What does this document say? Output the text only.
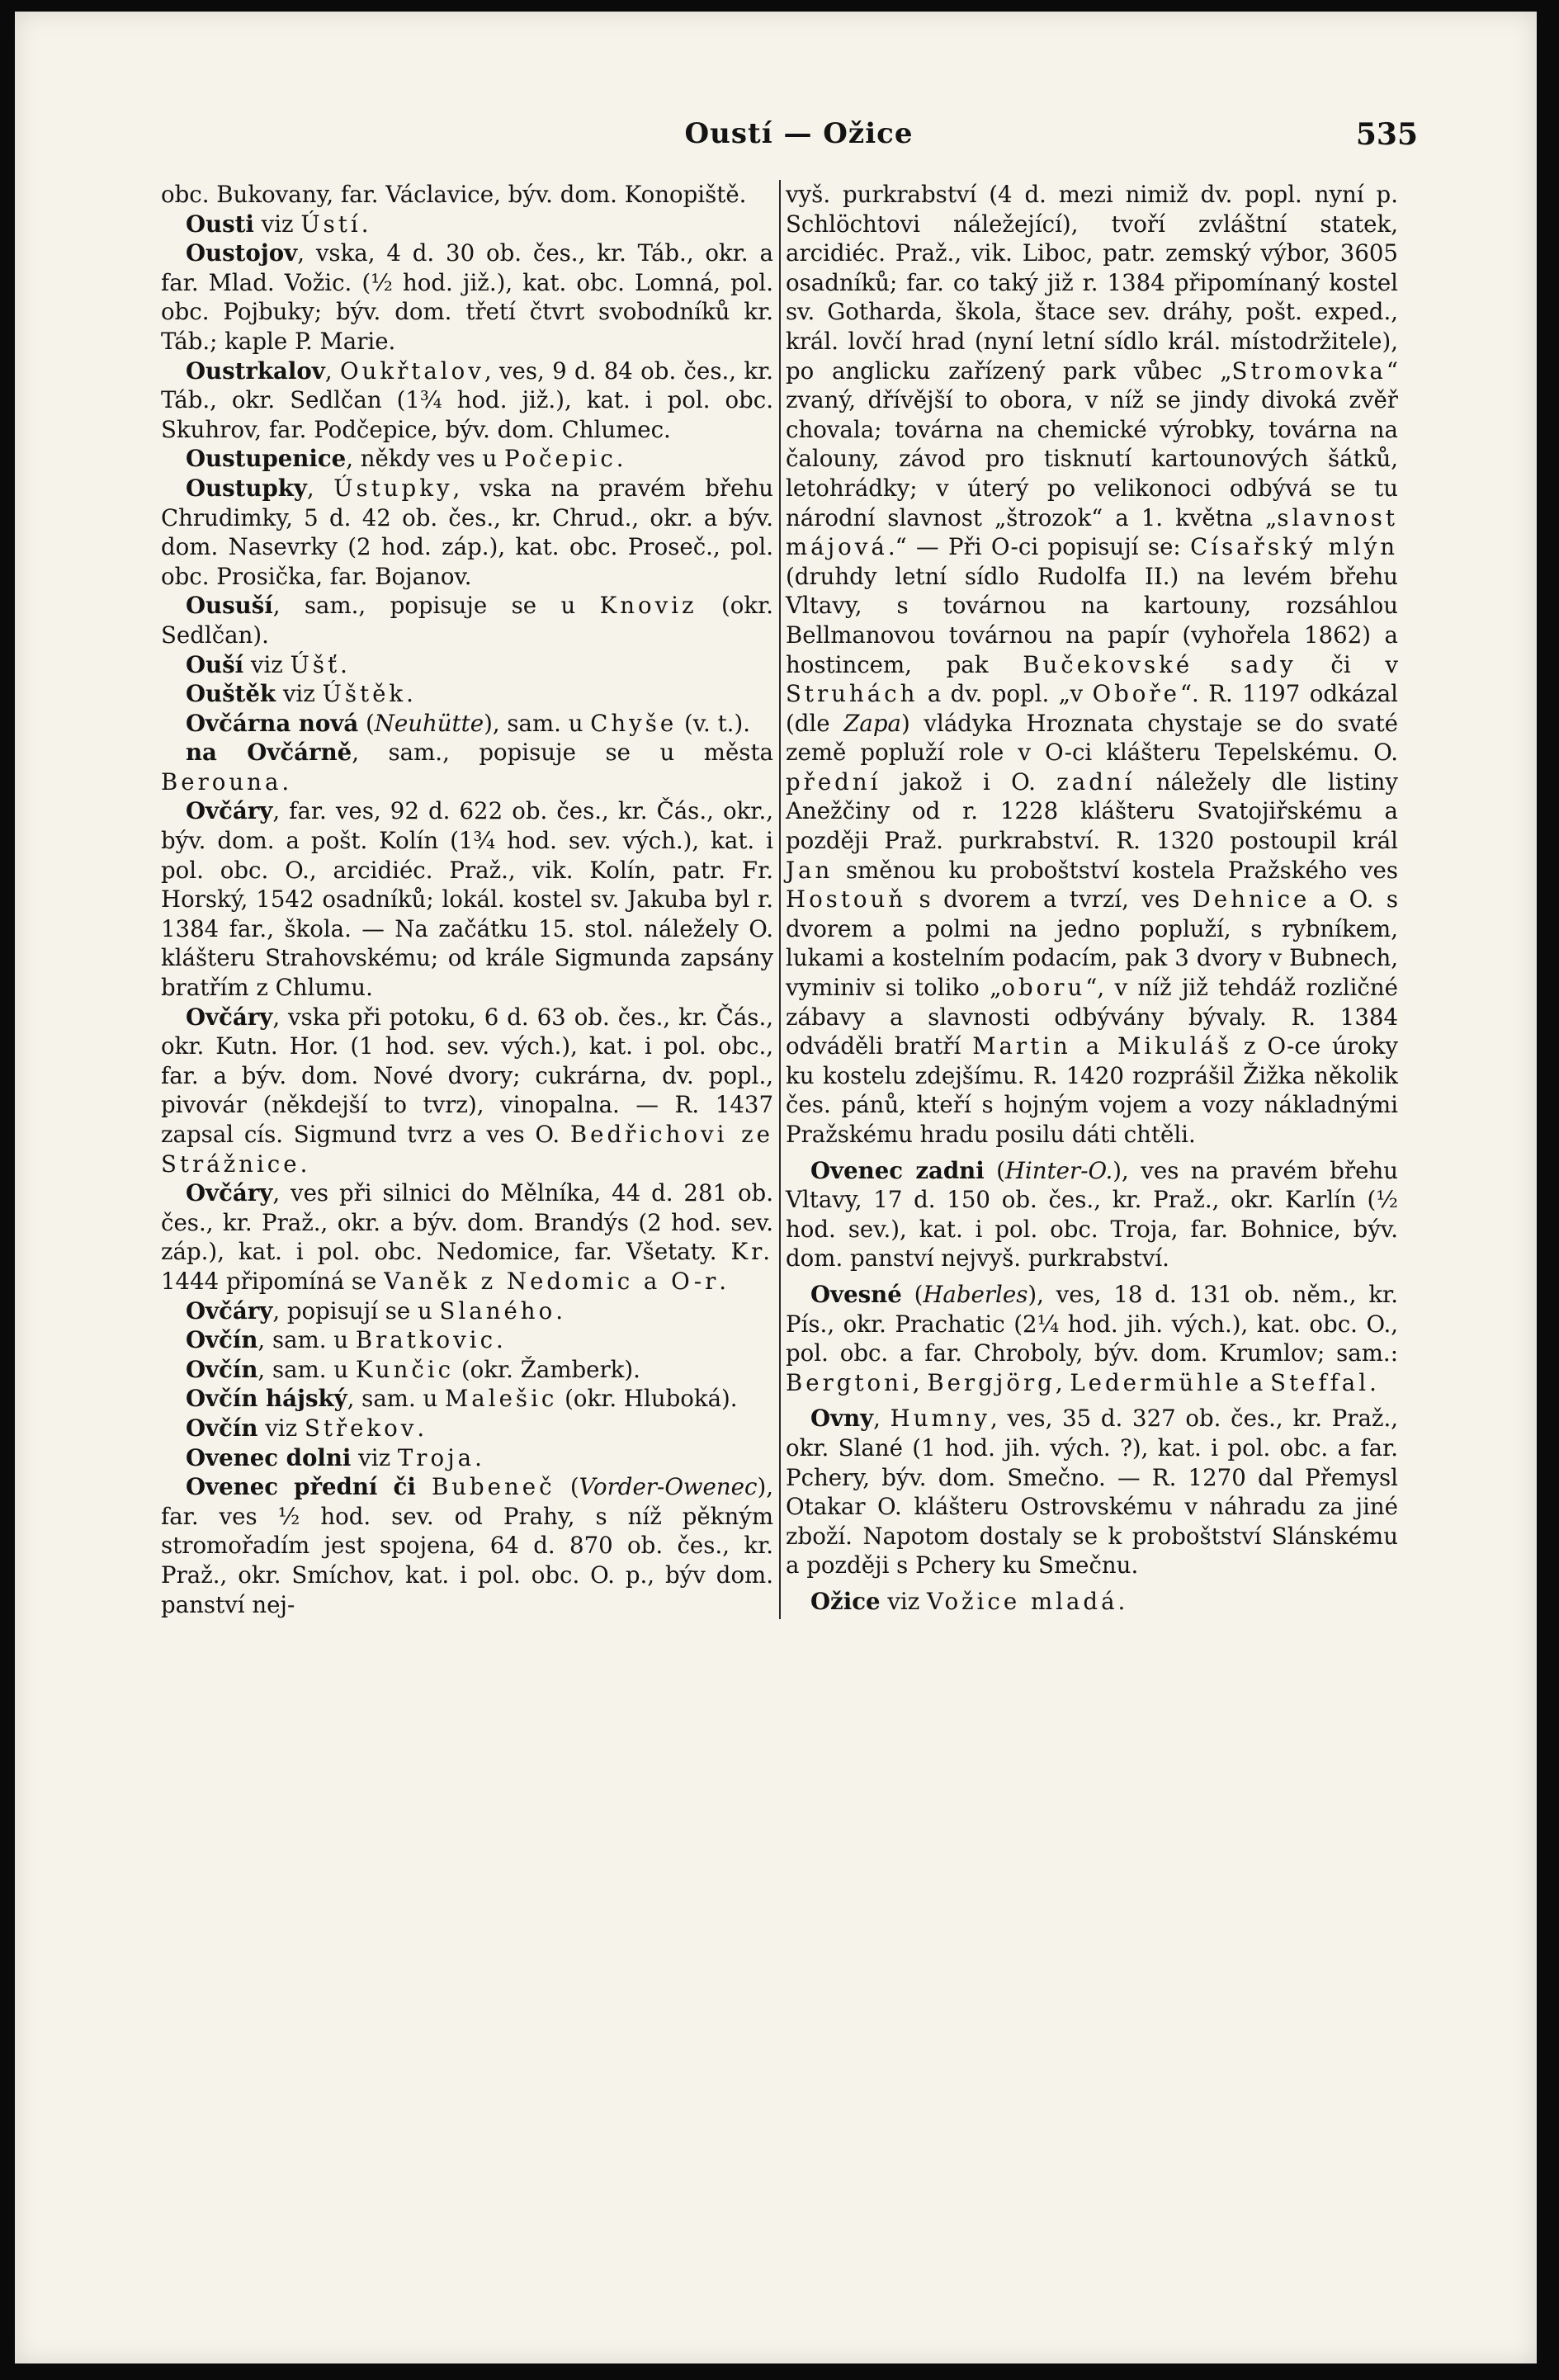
Oustí — Ožice	535
obc. Bukovany, far. Václavice, býv. dom. Konopiště.
Ousti viz Ústí.
Oustojov, vska, 4 d. 30 ob. čes., kr. Táb., okr. a far. Mlad. Vožic. (½ hod. již.), kat. obc. Lomná, pol. obc. Pojbuky; býv. dom. třetí čtvrt svobodníků kr. Táb.; kaple P. Marie.
Oustrkalov, Oukřtalov, ves, 9 d. 84 ob. čes., kr. Táb., okr. Sedlčan (1¾ hod. již.), kat. i pol. obc. Skuhrov, far. Podčepice, býv. dom. Chlumec.
Oustupenice, někdy ves u Počepic.
Oustupky, Ústupky, vska na pravém břehu Chrudimky, 5 d. 42 ob. čes., kr. Chrud., okr. a býv. dom. Nasevrky (2 hod. záp.), kat. obc. Proseč., pol. obc. Prosička, far. Bojanov.
Ousuší, sam., popisuje se u Knoviz (okr. Sedlčan).
Ouší viz Úšť.
Ouštěk viz Úštěk.
Ovčárna nová (Neuhütte), sam. u Chyše (v. t.).
na Ovčárně, sam., popisuje se u města Berouna.
Ovčáry, far. ves, 92 d. 622 ob. čes., kr. Čás., okr., býv. dom. a pošt. Kolín (1¾ hod. sev. vých.), kat. i pol. obc. O., arcidiéc. Praž., vik. Kolín, patr. Fr. Horský, 1542 osadníků; lokál. kostel sv. Jakuba byl r. 1384 far., škola. — Na začátku 15. stol. náležely O. klášteru Strahovskému; od krále Sigmunda zapsány bratřím z Chlumu.
Ovčáry, vska při potoku, 6 d. 63 ob. čes., kr. Čás., okr. Kutn. Hor. (1 hod. sev. vých.), kat. i pol. obc., far. a býv. dom. Nové dvory; cukrárna, dv. popl., pivovár (někdejší to tvrz), vinopalna. — R. 1437 zapsal cís. Sigmund tvrz a ves O. Bedřichovi ze Strážnice.
Ovčáry, ves při silnici do Mělníka, 44 d. 281 ob. čes., kr. Praž., okr. a býv. dom. Brandýs (2 hod. sev. záp.), kat. i pol. obc. Nedomice, far. Všetaty. Kr. 1444 připomíná se Vaněk z Nedomic a O-r.
Ovčáry, popisují se u Slaného.
Ovčín, sam. u Bratkovic.
Ovčín, sam. u Kunčic (okr. Žamberk).
Ovčín hájský, sam. u Malešic (okr. Hluboká).
Ovčín viz Střekov.
Ovenec dolni viz Troja.
Ovenec přední či Bubeneč (Vorder-Owenec), far. ves ½ hod. sev. od Prahy, s níž pěkným stromořadím jest spojena, 64 d. 870 ob. čes., kr. Praž., okr. Smíchov, kat. i pol. obc. O. p., býv dom. panství nej-
vyš. purkrabství (4 d. mezi nimiž dv. popl. nyní p. Schlöchtovi náležející), tvoří zvláštní statek, arcidiéc. Praž., vik. Liboc, patr. zemský výbor, 3605 osadníků; far. co taký již r. 1384 připomínaný kostel sv. Gotharda, škola, štace sev. dráhy, pošt. exped., král. lovčí hrad (nyní letní sídlo král. místodržitele), po anglicku zařízený park vůbec „Stromovka“ zvaný, dřívější to obora, v níž se jindy divoká zvěř chovala; továrna na chemické výrobky, továrna na čalouny, závod pro tisknutí kartounových šátků, letohrádky; v úterý po velikonoci odbývá se tu národní slavnost „štrozok“ a 1. května „slavnost májová.“ — Při O-ci popisují se: Císařský mlýn (druhdy letní sídlo Rudolfa II.) na levém břehu Vltavy, s továrnou na kartouny, rozsáhlou Bellmanovou továrnou na papír (vyhořela 1862) a hostincem, pak Bučekovské sady či v Struhách a dv. popl. „v Oboře“. R. 1197 odkázal (dle Zapa) vládyka Hroznata chystaje se do svaté země popluží role v O-ci klášteru Tepelskému. O. přední jakož i O. zadní náležely dle listiny Anežčiny od r. 1228 klášteru Svatojiřskému a později Praž. purkrabství. R. 1320 postoupil král Jan směnou ku proboštství kostela Pražského ves Hostouň s dvorem a tvrzí, ves Dehnice a O. s dvorem a polmi na jedno popluží, s rybníkem, lukami a kostelním podacím, pak 3 dvory v Bubnech, vyminiv si toliko „oboru“, v níž již tehdáž rozličné zábavy a slavnosti odbývány bývaly. R. 1384 odváděli bratří Martin a Mikuláš z O-ce úroky ku kostelu zdejšímu. R. 1420 rozprášil Žižka několik čes. pánů, kteří s hojným vojem a vozy nákladnými Pražskému hradu posilu dáti chtěli.
Ovenec zadni (Hinter-O.), ves na pravém břehu Vltavy, 17 d. 150 ob. čes., kr. Praž., okr. Karlín (½ hod. sev.), kat. i pol. obc. Troja, far. Bohnice, býv. dom. panství nejvyš. purkrabství.
Ovesné (Haberles), ves, 18 d. 131 ob. něm., kr. Pís., okr. Prachatic (2¼ hod. jih. vých.), kat. obc. O., pol. obc. a far. Chroboly, býv. dom. Krumlov; sam.: Bergtoni, Bergjörg, Ledermühle a Steffal.
Ovny, Humny, ves, 35 d. 327 ob. čes., kr. Praž., okr. Slané (1 hod. jih. vých. ?), kat. i pol. obc. a far. Pchery, býv. dom. Smečno. — R. 1270 dal Přemysl Otakar O. klášteru Ostrovskému v náhradu za jiné zboží. Napotom dostaly se k proboštství Slánskému a později s Pchery ku Smečnu.
Ožice viz Vožice mladá.
